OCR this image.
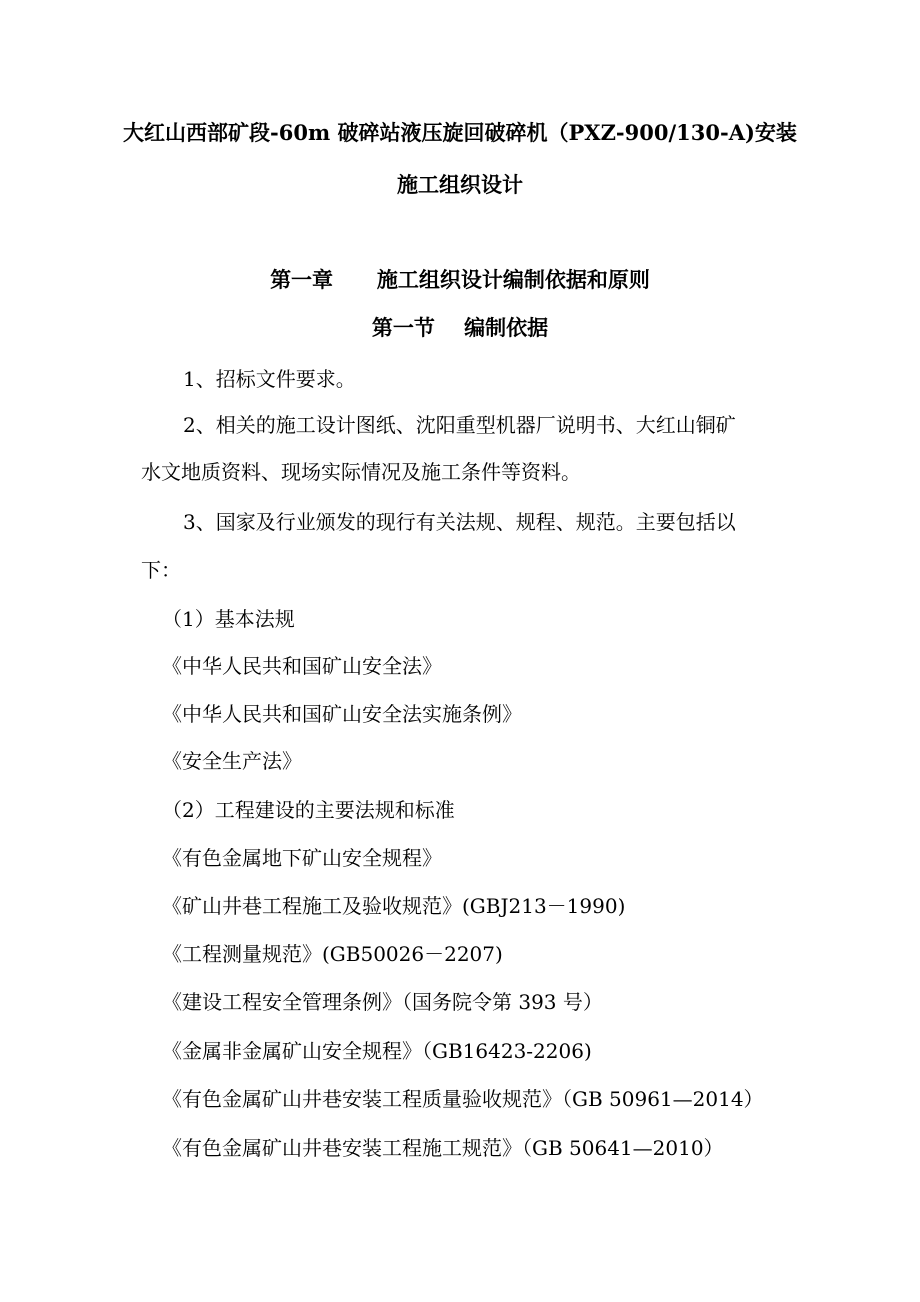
大红山西部矿段-60m 破碎站液压旋回破碎机（PXZ-900/130-A)安装
施工组织设计
第一章      施工组织设计编制依据和原则
第一节    编制依据
1、招标文件要求。
2、相关的施工设计图纸、沈阳重型机器厂说明书、大红山铜矿
水文地质资料、现场实际情况及施工条件等资料。
3、国家及行业颁发的现行有关法规、规程、规范。主要包括以
下：
（1）基本法规
《中华人民共和国矿山安全法》
《中华人民共和国矿山安全法实施条例》
《安全生产法》
（2）工程建设的主要法规和标准
《有色金属地下矿山安全规程》
《矿山井巷工程施工及验收规范》(GBJ213－1990)
《工程测量规范》(GB50026－2207)
《建设工程安全管理条例》（国务院令第 393 号）
《金属非金属矿山安全规程》（GB16423-2206)
《有色金属矿山井巷安装工程质量验收规范》（GB 50961—2014）
《有色金属矿山井巷安装工程施工规范》（GB 50641—2010）
